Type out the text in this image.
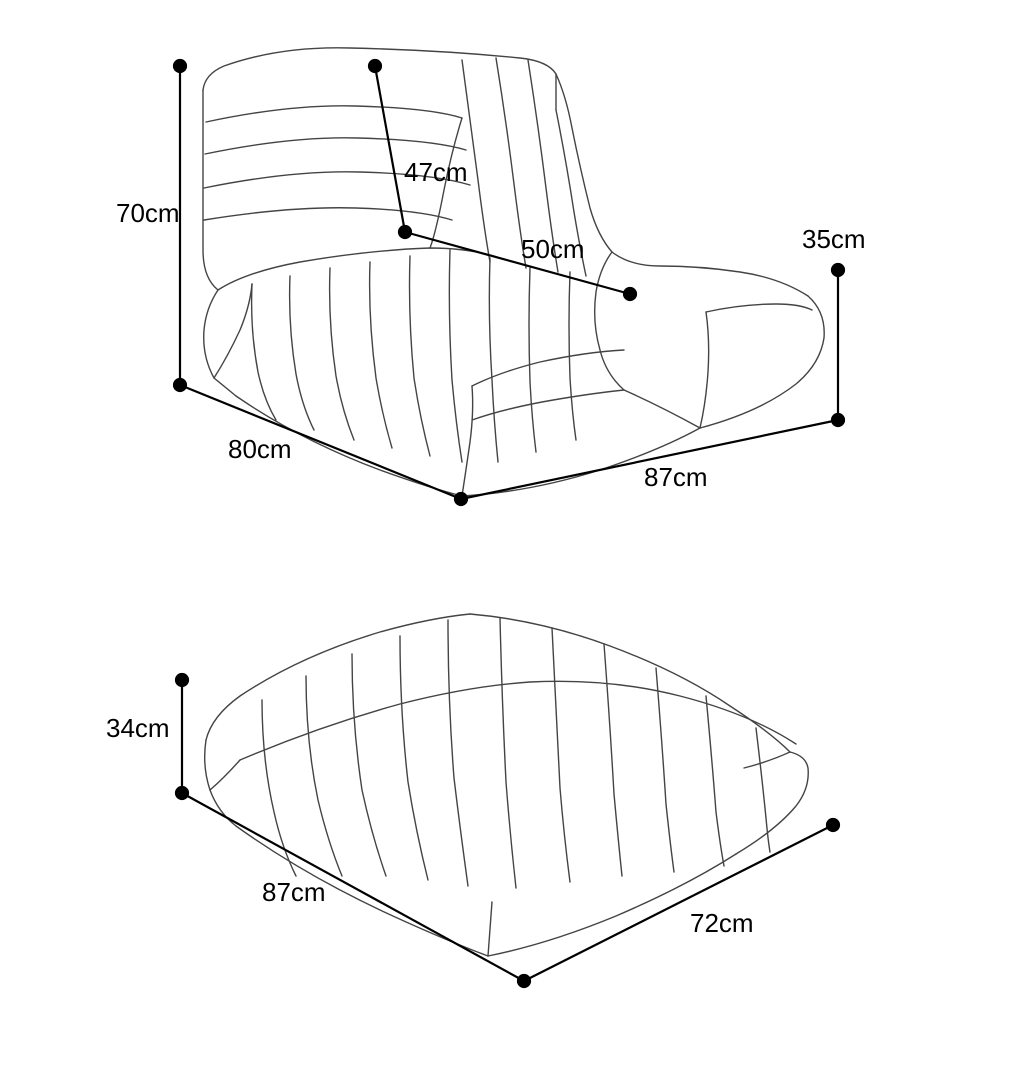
70cm
47cm
50cm	35cm
80cm
87cm
34cm
87cm
72cm
